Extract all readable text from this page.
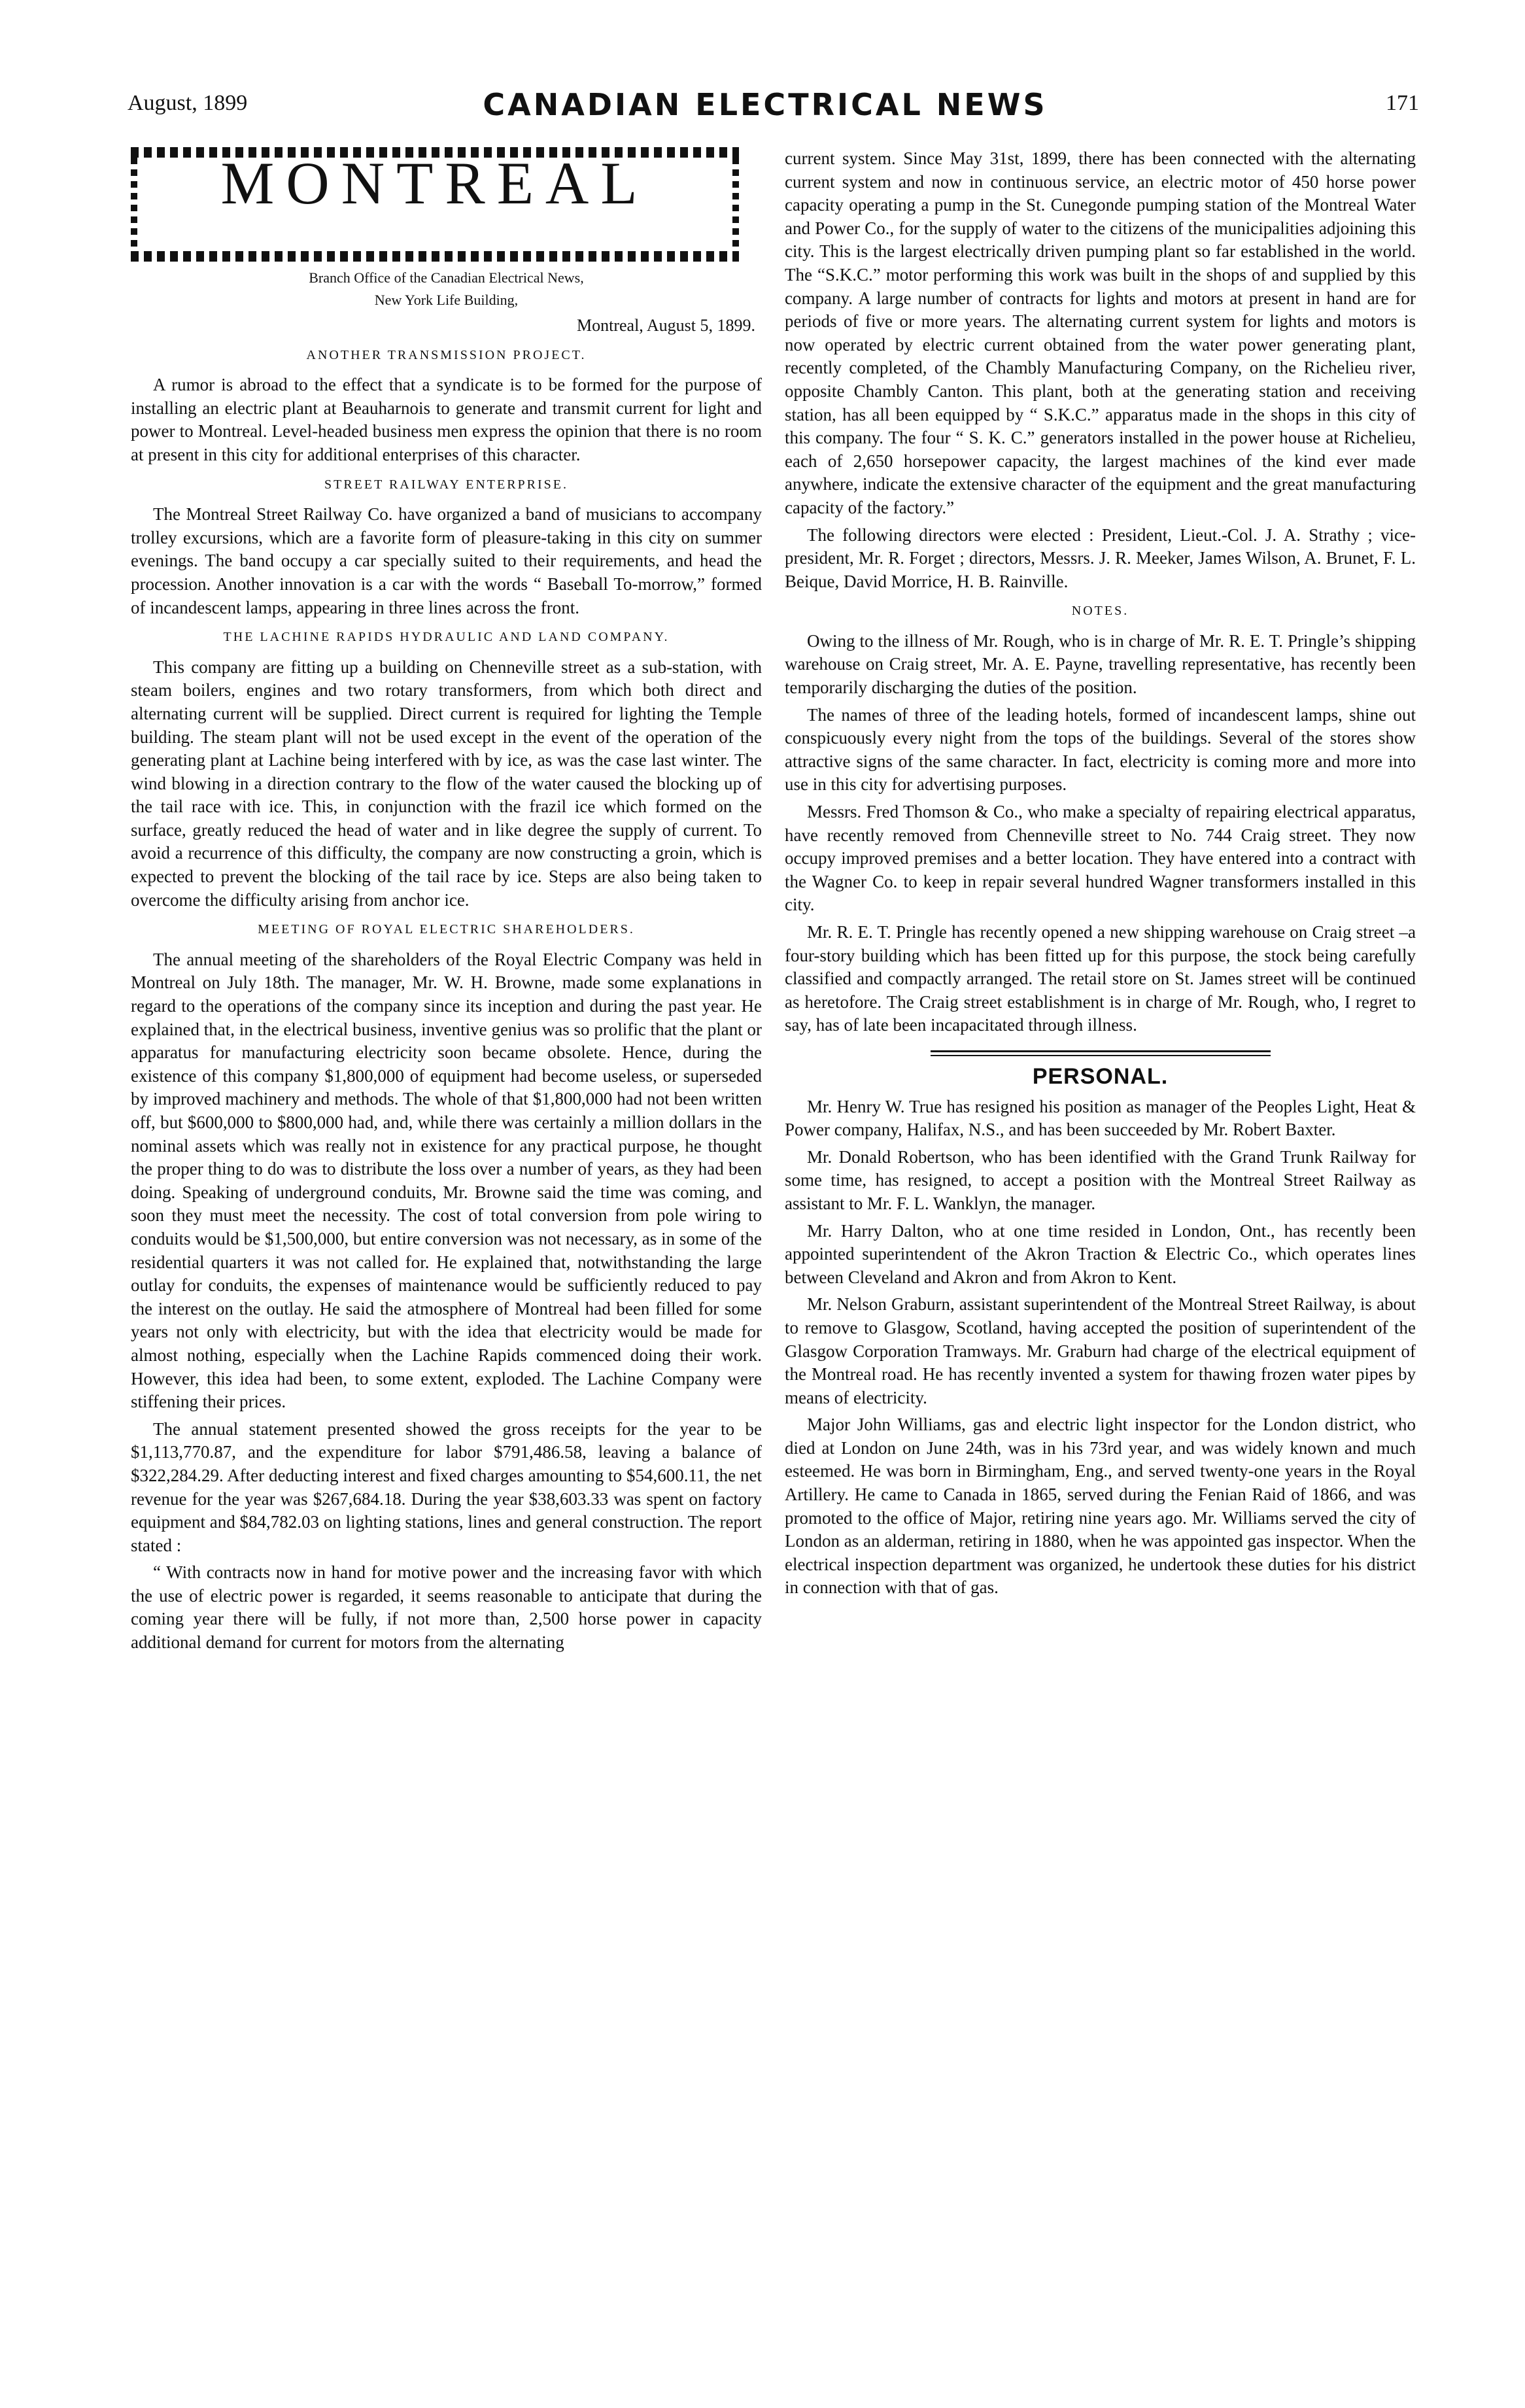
August, 1899	CANADIAN ELECTRICAL NEWS	171
MONTREAL
Branch Office of the Canadian Electrical News,
New York Life Building,
Montreal, August 5, 1899.
ANOTHER TRANSMISSION PROJECT.

A rumor is abroad to the effect that a syndicate is to be formed for the purpose of installing an electric plant at Beauharnois to generate and transmit current for light and power to Montreal. Level-headed business men express the opinion that there is no room at present in this city for additional enterprises of this character.

STREET RAILWAY ENTERPRISE.

The Montreal Street Railway Co. have organized a band of musicians to accompany trolley excursions, which are a favorite form of pleasure-taking in this city on summer evenings. The band occupy a car specially suited to their requirements, and head the procession. Another innovation is a car with the words “ Baseball To-morrow,” formed of incandescent lamps, appearing in three lines across the front.

THE LACHINE RAPIDS HYDRAULIC AND LAND COMPANY.

This company are fitting up a building on Chenneville street as a sub-station, with steam boilers, engines and two rotary transformers, from which both direct and alternating current will be supplied. Direct current is required for lighting the Temple building. The steam plant will not be used except in the event of the operation of the generating plant at Lachine being interfered with by ice, as was the case last winter. The wind blowing in a direction contrary to the flow of the water caused the blocking up of the tail race with ice. This, in conjunction with the frazil ice which formed on the surface, greatly reduced the head of water and in like degree the supply of current. To avoid a recurrence of this difficulty, the company are now constructing a groin, which is expected to prevent the blocking of the tail race by ice. Steps are also being taken to overcome the difficulty arising from anchor ice.

MEETING OF ROYAL ELECTRIC SHAREHOLDERS.

The annual meeting of the shareholders of the Royal Electric Company was held in Montreal on July 18th. The manager, Mr. W. H. Browne, made some explanations in regard to the operations of the company since its inception and during the past year. He explained that, in the electrical business, inventive genius was so prolific that the plant or apparatus for manufacturing electricity soon became obsolete. Hence, during the existence of this company $1,800,000 of equipment had become useless, or superseded by improved machinery and methods. The whole of that $1,800,000 had not been written off, but $600,000 to $800,000 had, and, while there was certainly a million dollars in the nominal assets which was really not in existence for any practical purpose, he thought the proper thing to do was to distribute the loss over a number of years, as they had been doing. Speaking of underground conduits, Mr. Browne said the time was coming, and soon they must meet the necessity. The cost of total conversion from pole wiring to conduits would be $1,500,000, but entire conversion was not necessary, as in some of the residential quarters it was not called for. He explained that, notwithstanding the large outlay for conduits, the expenses of maintenance would be sufficiently reduced to pay the interest on the outlay. He said the atmosphere of Montreal had been filled for some years not only with electricity, but with the idea that electricity would be made for almost nothing, especially when the Lachine Rapids commenced doing their work. However, this idea had been, to some extent, exploded. The Lachine Company were stiffening their prices.

The annual statement presented showed the gross receipts for the year to be $1,113,770.87, and the expenditure for labor $791,486.58, leaving a balance of $322,284.29. After deducting interest and fixed charges amounting to $54,600.11, the net revenue for the year was $267,684.18. During the year $38,603.33 was spent on factory equipment and $84,782.03 on lighting stations, lines and general construction. The report stated :

“ With contracts now in hand for motive power and the increasing favor with which the use of electric power is regarded, it seems reasonable to anticipate that during the coming year there will be fully, if not more than, 2,500 horse power in capacity additional demand for current for motors from the alternating

current system. Since May 31st, 1899, there has been connected with the alternating current system and now in continuous service, an electric motor of 450 horse power capacity operating a pump in the St. Cunegonde pumping station of the Montreal Water and Power Co., for the supply of water to the citizens of the municipalities adjoining this city. This is the largest electrically driven pumping plant so far established in the world. The “S.K.C.” motor performing this work was built in the shops of and supplied by this company. A large number of contracts for lights and motors at present in hand are for periods of five or more years. The alternating current system for lights and motors is now operated by electric current obtained from the water power generating plant, recently completed, of the Chambly Manufacturing Company, on the Richelieu river, opposite Chambly Canton. This plant, both at the generating station and receiving station, has all been equipped by “ S.K.C.” apparatus made in the shops in this city of this company. The four “ S. K. C.” generators installed in the power house at Richelieu, each of 2,650 horsepower capacity, the largest machines of the kind ever made anywhere, indicate the extensive character of the equipment and the great manufacturing capacity of the factory.”

The following directors were elected : President, Lieut.-Col. J. A. Strathy ; vice-president, Mr. R. Forget ; directors, Messrs. J. R. Meeker, James Wilson, A. Brunet, F. L. Beique, David Morrice, H. B. Rainville.

NOTES.

Owing to the illness of Mr. Rough, who is in charge of Mr. R. E. T. Pringle’s shipping warehouse on Craig street, Mr. A. E. Payne, travelling representative, has recently been temporarily discharging the duties of the position.

The names of three of the leading hotels, formed of incandescent lamps, shine out conspicuously every night from the tops of the buildings. Several of the stores show attractive signs of the same character. In fact, electricity is coming more and more into use in this city for advertising purposes.

Messrs. Fred Thomson & Co., who make a specialty of repairing electrical apparatus, have recently removed from Chenneville street to No. 744 Craig street. They now occupy improved premises and a better location. They have entered into a contract with the Wagner Co. to keep in repair several hundred Wagner transformers installed in this city.

Mr. R. E. T. Pringle has recently opened a new shipping warehouse on Craig street –a four-story building which has been fitted up for this purpose, the stock being carefully classified and compactly arranged. The retail store on St. James street will be continued as heretofore. The Craig street establishment is in charge of Mr. Rough, who, I regret to say, has of late been incapacitated through illness.

PERSONAL.

Mr. Henry W. True has resigned his position as manager of the Peoples Light, Heat & Power company, Halifax, N.S., and has been succeeded by Mr. Robert Baxter.

Mr. Donald Robertson, who has been identified with the Grand Trunk Railway for some time, has resigned, to accept a position with the Montreal Street Railway as assistant to Mr. F. L. Wanklyn, the manager.

Mr. Harry Dalton, who at one time resided in London, Ont., has recently been appointed superintendent of the Akron Traction & Electric Co., which operates lines between Cleveland and Akron and from Akron to Kent.

Mr. Nelson Graburn, assistant superintendent of the Montreal Street Railway, is about to remove to Glasgow, Scotland, having accepted the position of superintendent of the Glasgow Corporation Tramways. Mr. Graburn had charge of the electrical equipment of the Montreal road. He has recently invented a system for thawing frozen water pipes by means of electricity.

Major John Williams, gas and electric light inspector for the London district, who died at London on June 24th, was in his 73rd year, and was widely known and much esteemed. He was born in Birmingham, Eng., and served twenty-one years in the Royal Artillery. He came to Canada in 1865, served during the Fenian Raid of 1866, and was promoted to the office of Major, retiring nine years ago. Mr. Williams served the city of London as an alderman, retiring in 1880, when he was appointed gas inspector. When the electrical inspection department was organized, he undertook these duties for his district in connection with that of gas.
